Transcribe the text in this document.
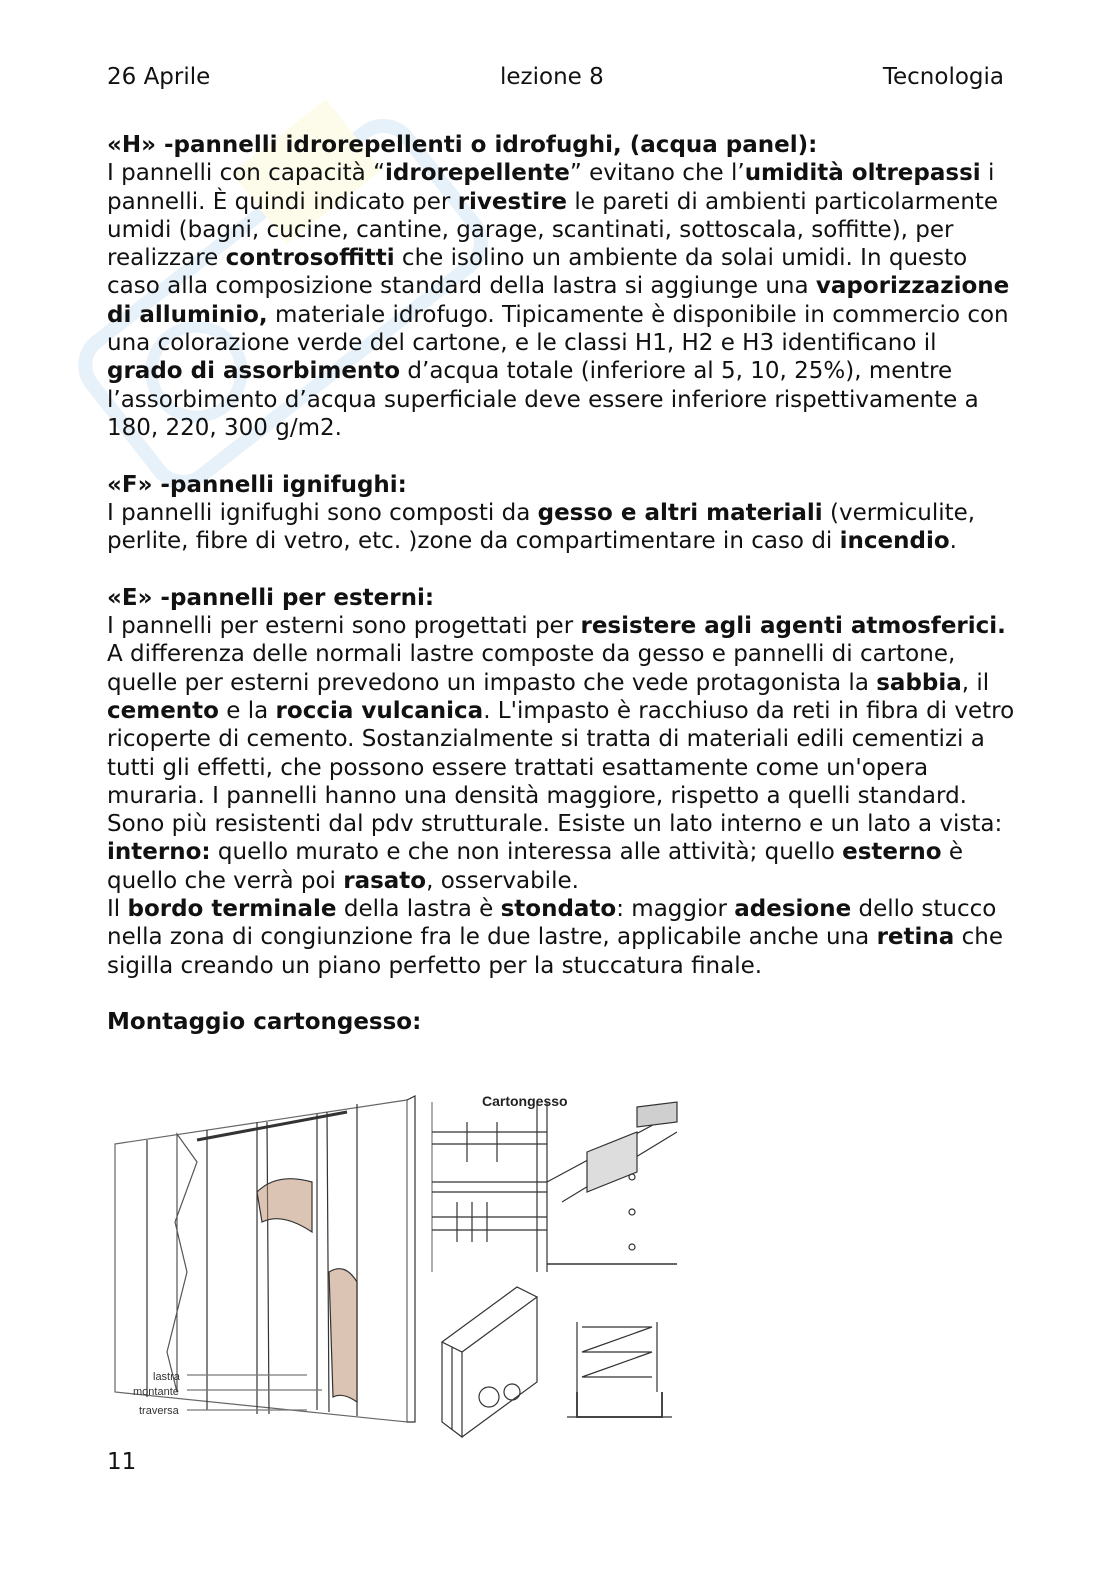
26 Aprile	lezione 8	Tecnologia

«H» -pannelli idrorepellenti o idrofughi, (acqua panel):

I pannelli con capacità “idrorepellente” evitano che l’umidità oltrepassi i pannelli. È quindi indicato per rivestire le pareti di ambienti particolarmente umidi (bagni, cucine, cantine, garage, scantinati, sottoscala, soffitte), per realizzare controsoffitti che isolino un ambiente da solai umidi. In questo caso alla composizione standard della lastra si aggiunge una vaporizzazione di alluminio, materiale idrofugo. Tipicamente è disponibile in commercio con una colorazione verde del cartone, e le classi H1, H2 e H3 identificano il grado di assorbimento d’acqua totale (inferiore al 5, 10, 25%), mentre l’assorbimento d’acqua superficiale deve essere inferiore rispettivamente a 180, 220, 300 g/m2.

«F» -pannelli ignifughi:

I pannelli ignifughi sono composti da gesso e altri materiali (vermiculite, perlite, fibre di vetro, etc. )zone da compartimentare in caso di incendio.

«E» -pannelli per esterni:

I pannelli per esterni sono progettati per resistere agli agenti atmosferici. A differenza delle normali lastre composte da gesso e pannelli di cartone, quelle per esterni prevedono un impasto che vede protagonista la sabbia, il cemento e la roccia vulcanica. L'impasto è racchiuso da reti in fibra di vetro ricoperte di cemento. Sostanzialmente si tratta di materiali edili cementizi a tutti gli effetti, che possono essere trattati esattamente come un'opera muraria. I pannelli hanno una densità maggiore, rispetto a quelli standard. Sono più resistenti dal pdv strutturale. Esiste un lato interno e un lato a vista:

interno: quello murato e che non interessa alle attività; quello esterno è quello che verrà poi rasato, osservabile.

Il bordo terminale della lastra è stondato: maggior adesione dello stucco nella zona di congiunzione fra le due lastre, applicabile anche una retina che sigilla creando un piano perfetto per la stuccatura finale.

Montaggio cartongesso:

Cartongesso
lastra
montante
traversa
11
